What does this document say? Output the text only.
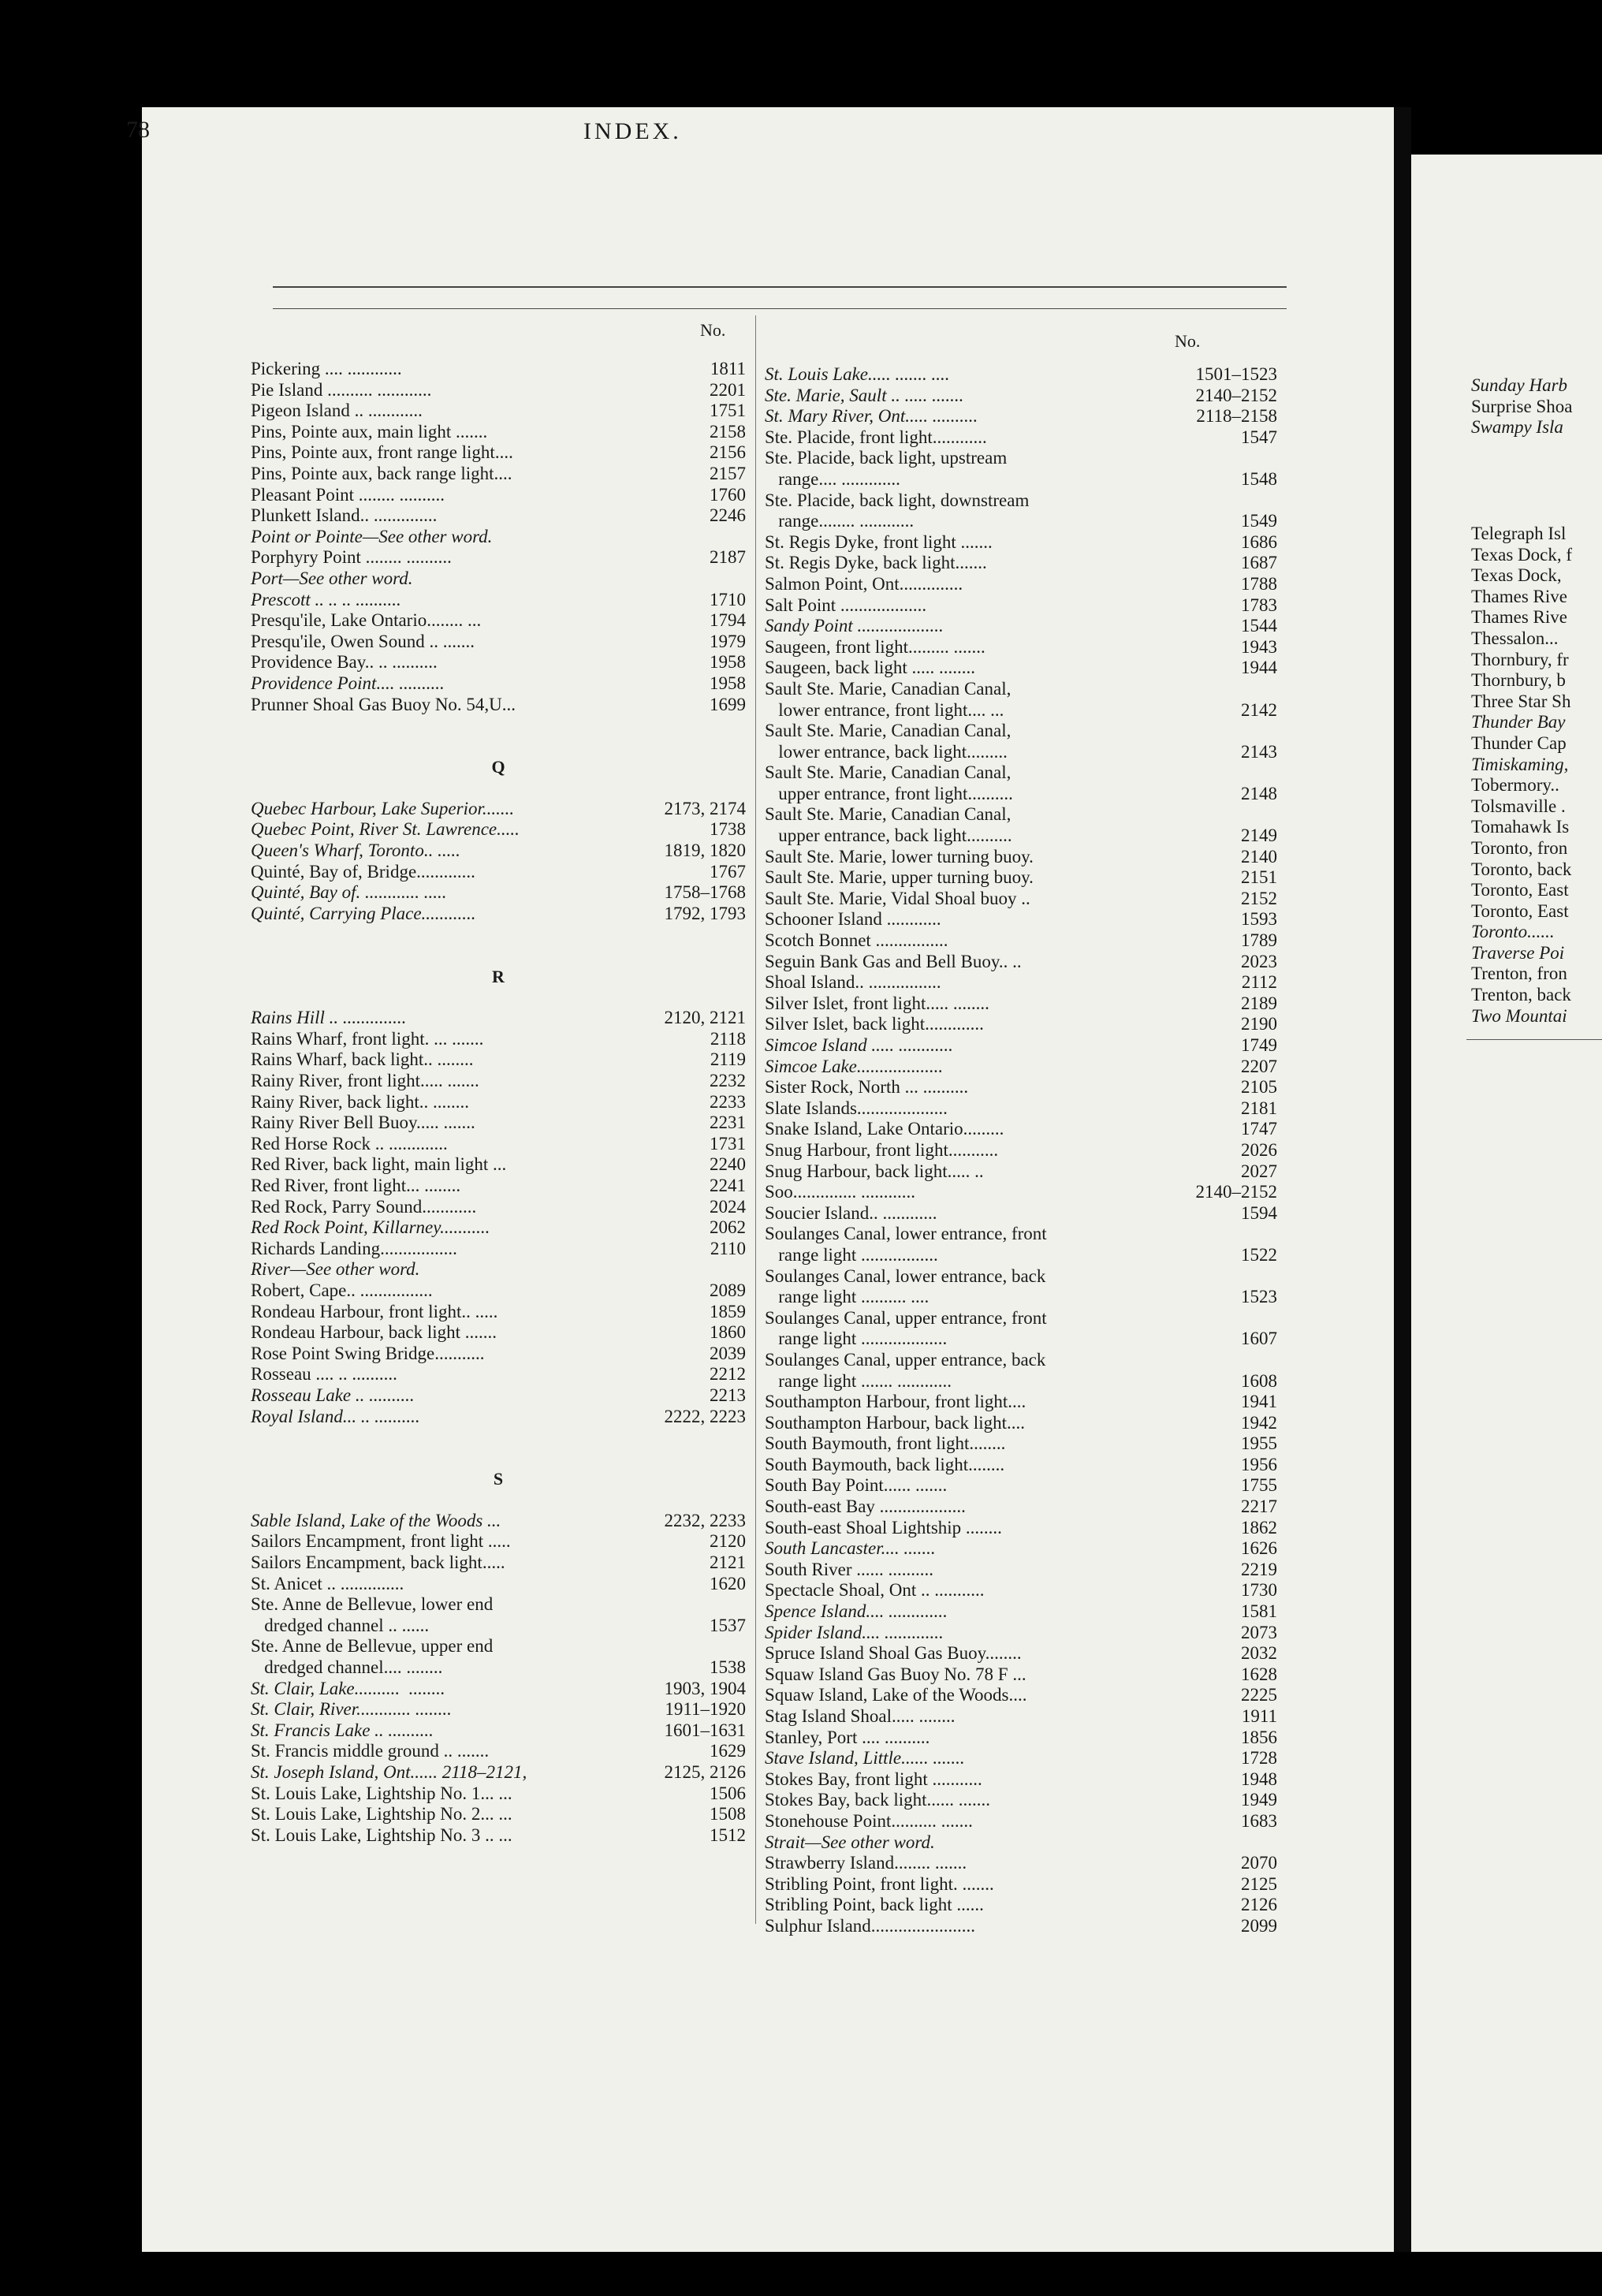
Sunday Harb
Surprise Shoa
Swampy Isla
Telegraph Isl
Texas Dock, f
Texas Dock,
Thames Rive
Thames Rive
Thessalon...
Thornbury, fr
Thornbury, b
Three Star Sh
Thunder Bay
Thunder Cap
Timiskaming,
Tobermory..
Tolsmaville .
Tomahawk Is
Toronto, fron
Toronto, back
Toronto, East
Toronto, East
Toronto......
Traverse Poi
Trenton, fron
Trenton, back
Two Mountai
78	INDEX.
No.
No.
Pickering .... ............	1811
Pie Island .......... ............	2201
Pigeon Island .. ............	1751
Pins, Pointe aux, main light .......	2158
Pins, Pointe aux, front range light....	2156
Pins, Pointe aux, back range light....	2157
Pleasant Point ........ ..........	1760
Plunkett Island.. ..............	2246
Point or Pointe—See other word.
Porphyry Point ........ ..........	2187
Port—See other word.
Prescott .. .. .. ..........	1710
Presqu'ile, Lake Ontario........ ...	1794
Presqu'ile, Owen Sound .. .......	1979
Providence Bay.. .. ..........	1958
Providence Point.... ..........	1958
Prunner Shoal Gas Buoy No. 54,U...	1699
Q
Quebec Harbour, Lake Superior.......	2173, 2174
Quebec Point, River St. Lawrence.....	1738
Queen's Wharf, Toronto.. .....	1819, 1820
Quinté, Bay of, Bridge.............	1767
Quinté, Bay of. ............ .....	1758–1768
Quinté, Carrying Place............	1792, 1793
R
Rains Hill .. ..............	2120, 2121
Rains Wharf, front light. ... .......	2118
Rains Wharf, back light.. ........	2119
Rainy River, front light..... .......	2232
Rainy River, back light.. ........	2233
Rainy River Bell Buoy..... .......	2231
Red Horse Rock .. .............	1731
Red River, back light, main light ...	2240
Red River, front light... ........	2241
Red Rock, Parry Sound............	2024
Red Rock Point, Killarney...........	2062
Richards Landing.................	2110
River—See other word.
Robert, Cape.. ................	2089
Rondeau Harbour, front light.. .....	1859
Rondeau Harbour, back light .......	1860
Rose Point Swing Bridge...........	2039
Rosseau .... .. ..........	2212
Rosseau Lake .. ..........	2213
Royal Island... .. ..........	2222, 2223
S
Sable Island, Lake of the Woods ...	2232, 2233
Sailors Encampment, front light .....	2120
Sailors Encampment, back light.....	2121
St. Anicet .. ..............	1620
Ste. Anne de Bellevue, lower end
dredged channel .. ......	1537
Ste. Anne de Bellevue, upper end
dredged channel.... ........	1538
St. Clair, Lake..........  ........	1903, 1904
St. Clair, River............ ........	1911–1920
St. Francis Lake .. ..........	1601–1631
St. Francis middle ground .. .......	1629
St. Joseph Island, Ont...... 2118–2121,	2125, 2126
St. Louis Lake, Lightship No. 1... ...	1506
St. Louis Lake, Lightship No. 2... ...	1508
St. Louis Lake, Lightship No. 3 .. ...	1512
St. Louis Lake..... ....... ....	1501–1523
Ste. Marie, Sault .. ..... .......	2140–2152
St. Mary River, Ont..... ..........	2118–2158
Ste. Placide, front light............	1547
Ste. Placide, back light, upstream
range.... .............	1548
Ste. Placide, back light, downstream
range........ ............	1549
St. Regis Dyke, front light .......	1686
St. Regis Dyke, back light.......	1687
Salmon Point, Ont..............	1788
Salt Point ...................	1783
Sandy Point ...................	1544
Saugeen, front light......... .......	1943
Saugeen, back light ..... ........	1944
Sault Ste. Marie, Canadian Canal,
lower entrance, front light.... ...	2142
Sault Ste. Marie, Canadian Canal,
lower entrance, back light.........	2143
Sault Ste. Marie, Canadian Canal,
upper entrance, front light..........	2148
Sault Ste. Marie, Canadian Canal,
upper entrance, back light..........	2149
Sault Ste. Marie, lower turning buoy.	2140
Sault Ste. Marie, upper turning buoy.	2151
Sault Ste. Marie, Vidal Shoal buoy ..	2152
Schooner Island ............	1593
Scotch Bonnet ................	1789
Seguin Bank Gas and Bell Buoy.. ..	2023
Shoal Island.. ................	2112
Silver Islet, front light..... ........	2189
Silver Islet, back light.............	2190
Simcoe Island ..... ............	1749
Simcoe Lake...................	2207
Sister Rock, North ... ..........	2105
Slate Islands....................	2181
Snake Island, Lake Ontario.........	1747
Snug Harbour, front light...........	2026
Snug Harbour, back light..... ..	2027
Soo.............. ............	2140–2152
Soucier Island.. ............	1594
Soulanges Canal, lower entrance, front
range light .................	1522
Soulanges Canal, lower entrance, back
range light .......... ....	1523
Soulanges Canal, upper entrance, front
range light ...................	1607
Soulanges Canal, upper entrance, back
range light ....... ............	1608
Southampton Harbour, front light....	1941
Southampton Harbour, back light....	1942
South Baymouth, front light........	1955
South Baymouth, back light........	1956
South Bay Point...... .......	1755
South-east Bay ...................	2217
South-east Shoal Lightship ........	1862
South Lancaster.... .......	1626
South River ...... ..........	2219
Spectacle Shoal, Ont .. ...........	1730
Spence Island.... .............	1581
Spider Island.... .............	2073
Spruce Island Shoal Gas Buoy........	2032
Squaw Island Gas Buoy No. 78 F ...	1628
Squaw Island, Lake of the Woods....	2225
Stag Island Shoal..... ........	1911
Stanley, Port .... ..........	1856
Stave Island, Little...... .......	1728
Stokes Bay, front light ...........	1948
Stokes Bay, back light...... .......	1949
Stonehouse Point.......... .......	1683
Strait—See other word.
Strawberry Island........ .......	2070
Stribling Point, front light. .......	2125
Stribling Point, back light ......	2126
Sulphur Island.......................	2099
